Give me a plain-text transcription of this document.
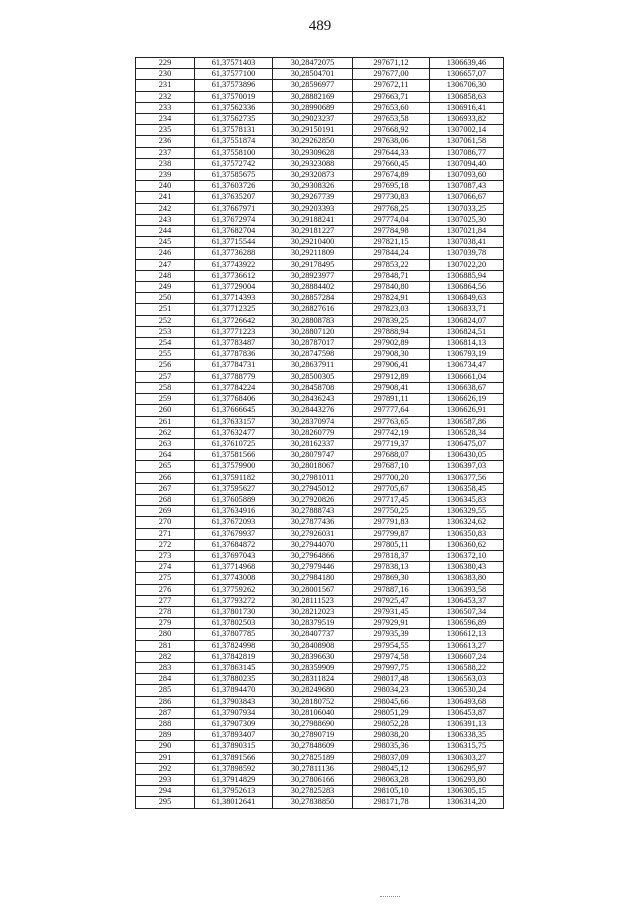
489
229	61,37571403	30,28472075	297671,12	1306639,46
230	61,37577100	30,28504701	297677,00	1306657,07
231	61,37573896	30,28596977	297672,11	1306706,30
232	61,37570019	30,28882169	297663,71	1306858,63
233	61,37562336	30,28990689	297653,60	1306916,41
234	61,37562735	30,29023237	297653,58	1306933,82
235	61,37578131	30,29150191	297668,92	1307002,14
236	61,37551874	30,29262850	297638,06	1307061,58
237	61,37558100	30,29309628	297644,33	1307086,77
238	61,37572742	30,29323088	297660,45	1307094,40
239	61,37585675	30,29320873	297674,89	1307093,60
240	61,37603726	30,29308326	297695,18	1307087,43
241	61,37635207	30,29267739	297730,83	1307066,67
242	61,37667971	30,29203393	297768,25	1307033,25
243	61,37672974	30,29188241	297774,04	1307025,30
244	61,37682704	30,29181227	297784,98	1307021,84
245	61,37715544	30,29210400	297821,15	1307038,41
246	61,37736288	30,29211809	297844,24	1307039,78
247	61,37743922	30,29178495	297853,22	1307022,20
248	61,37736612	30,28923977	297848,71	1306885,94
249	61,37729004	30,28884402	297840,80	1306864,56
250	61,37714393	30,28857284	297824,91	1306849,63
251	61,37712325	30,28827616	297823,03	1306833,71
252	61,37726642	30,28808783	297839,25	1306824,07
253	61,37771223	30,28807120	297888,94	1306824,51
254	61,37783487	30,28787017	297902,89	1306814,13
255	61,37787836	30,28747598	297908,30	1306793,19
256	61,37784731	30,28637911	297906,41	1306734,47
257	61,37788779	30,28500305	297912,89	1306661,04
258	61,37784224	30,28458708	297908,41	1306638,67
259	61,37768406	30,28436243	297891,11	1306626,19
260	61,37666645	30,28443276	297777,64	1306626,91
261	61,37633157	30,28370974	297763,65	1306587,86
262	61,37632477	30,28260779	297742,19	1306528,34
263	61,37610725	30,28162337	297719,37	1306475,07
264	61,37581566	30,28079747	297688,07	1306430,05
265	61,37579900	30,28018067	297687,10	1306397,03
266	61,37591182	30,27981011	297700,20	1306377,56
267	61,37595627	30,27945012	297705,67	1306358,45
268	61,37605889	30,27920826	297717,45	1306345,83
269	61,37634916	30,27888743	297750,25	1306329,55
270	61,37672093	30,27877436	297791,83	1306324,62
271	61,37679937	30,27926031	297799,87	1306350,83
272	61,37684872	30,27944070	297805,11	1306360,62
273	61,37697043	30,27964866	297818,37	1306372,10
274	61,37714968	30,27979446	297838,13	1306380,43
275	61,37743008	30,27984180	297869,30	1306383,80
276	61,37759262	30,28001567	297887,16	1306393,58
277	61,37793272	30,28111523	297925,47	1306453,37
278	61,37801730	30,28212023	297931,45	1306507,34
279	61,37802503	30,28379519	297929,91	1306596,89
280	61,37807785	30,28407737	297935,39	1306612,13
281	61,37824998	30,28408908	297954,55	1306613,27
282	61,37842819	30,28396630	297974,58	1306607,24
283	61,37863145	30,28359909	297997,75	1306588,22
284	61,37880235	30,28311824	298017,48	1306563,03
285	61,37894470	30,28249680	298034,23	1306530,24
286	61,37903843	30,28180752	298045,66	1306493,68
287	61,37907934	30,28106040	298051,29	1306453,87
288	61,37907309	30,27988690	298052,28	1306391,13
289	61,37893407	30,27890719	298038,20	1306338,35
290	61,37890315	30,27848609	298035,36	1306315,75
291	61,37891566	30,27825189	298037,09	1306303,27
292	61,37898592	30,27811136	298045,12	1306295,97
293	61,37914829	30,27806166	298063,28	1306293,80
294	61,37952613	30,27825283	298105,10	1306305,15
295	61,38012641	30,27838850	298171,78	1306314,20
